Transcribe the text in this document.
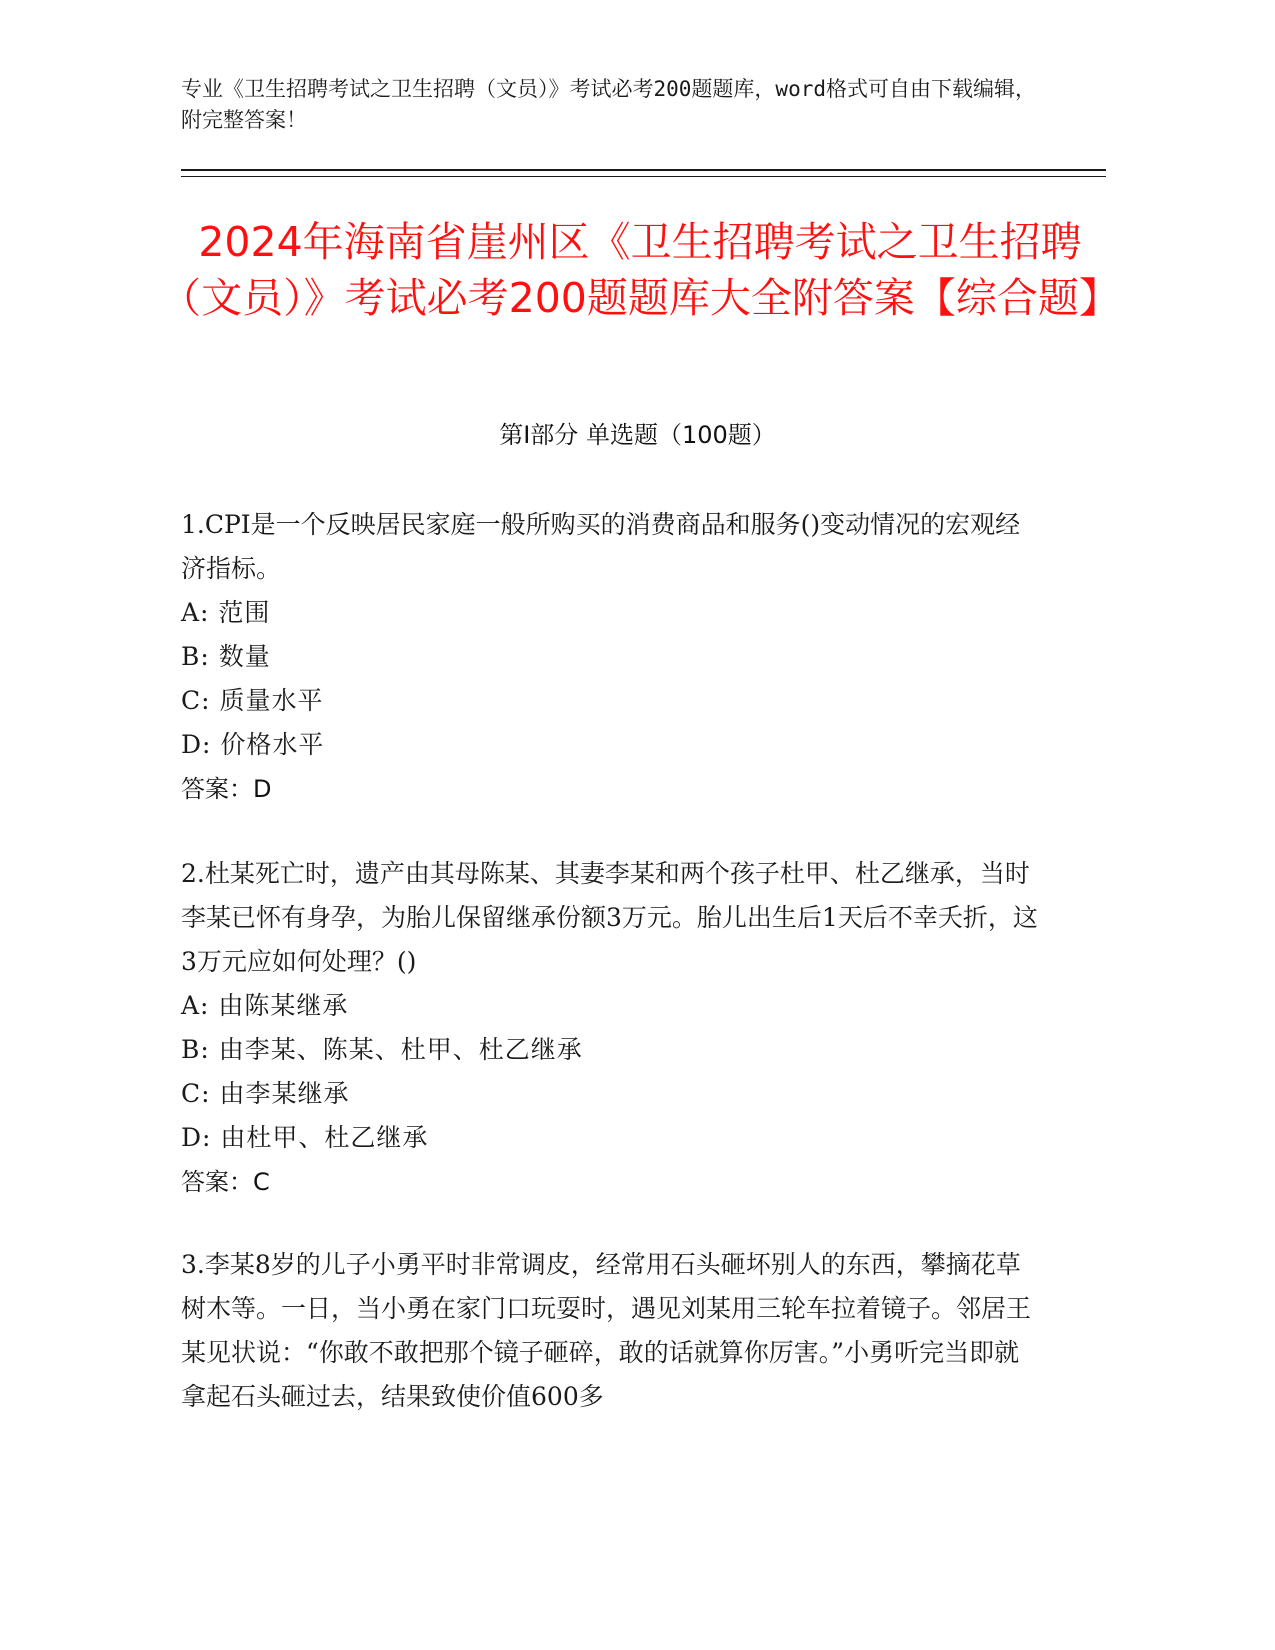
专业《卫生招聘考试之卫生招聘（文员）》考试必考200题题库，word格式可自由下载编辑，附完整答案！
2024年海南省崖州区《卫生招聘考试之卫生招聘（文员）》考试必考200题题库大全附答案【综合题】
第Ⅰ部分 单选题（100题）

1.CPI是一个反映居民家庭一般所购买的消费商品和服务()变动情况的宏观经济指标。

A: 范围

B: 数量

C: 质量水平

D: 价格水平

答案：D

2.杜某死亡时，遗产由其母陈某、其妻李某和两个孩子杜甲、杜乙继承，当时李某已怀有身孕，为胎儿保留继承份额3万元。胎儿出生后1天后不幸夭折，这3万元应如何处理？()

A: 由陈某继承

B: 由李某、陈某、杜甲、杜乙继承

C: 由李某继承

D: 由杜甲、杜乙继承

答案：C

3.李某8岁的儿子小勇平时非常调皮，经常用石头砸坏别人的东西，攀摘花草树木等。一日，当小勇在家门口玩耍时，遇见刘某用三轮车拉着镜子。邻居王某见状说：“你敢不敢把那个镜子砸碎，敢的话就算你厉害。”小勇听完当即就拿起石头砸过去，结果致使价值600多
